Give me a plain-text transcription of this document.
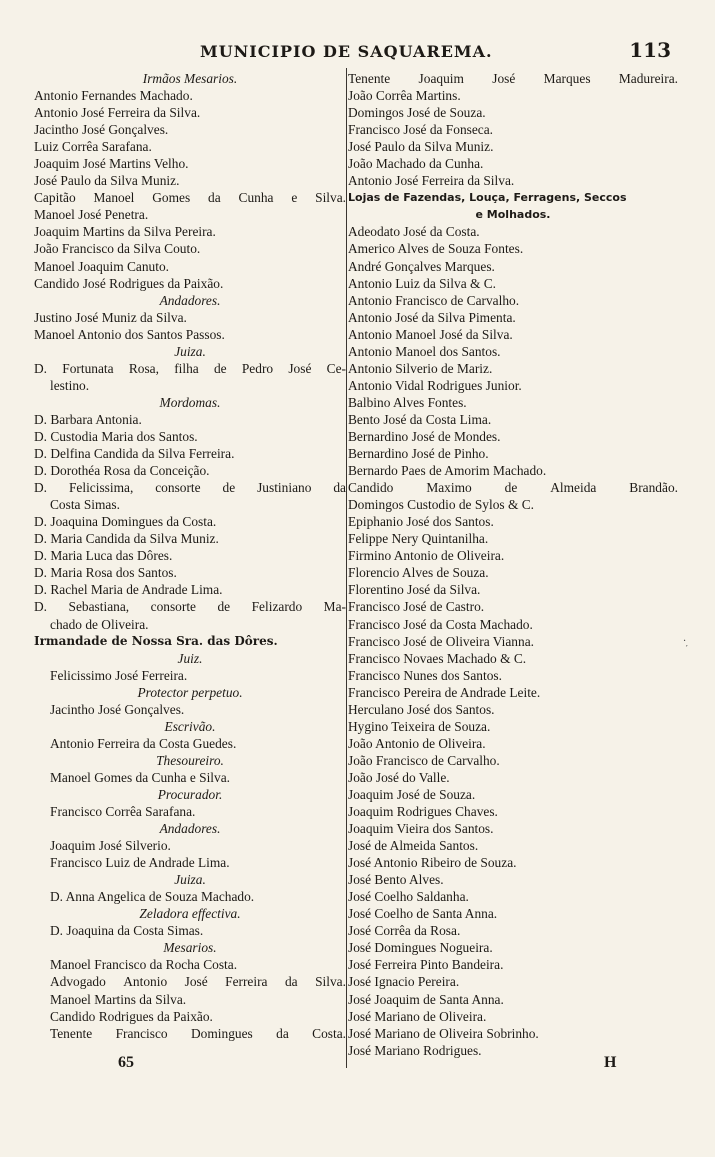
MUNICIPIO DE SAQUAREMA.	113
Irmãos Mesarios.
Antonio Fernandes Machado.
Antonio José Ferreira da Silva.
Jacintho José Gonçalves.
Luiz Corrêa Sarafana.
Joaquim José Martins Velho.
José Paulo da Silva Muniz.
Capitão Manoel Gomes da Cunha e Silva.
Manoel José Penetra.
Joaquim Martins da Silva Pereira.
João Francisco da Silva Couto.
Manoel Joaquim Canuto.
Candido José Rodrigues da Paixão.
Andadores.
Justino José Muniz da Silva.
Manoel Antonio dos Santos Passos.
Juiza.
D. Fortunata Rosa, filha de Pedro José Ce-
lestino.
Mordomas.
D. Barbara Antonia.
D. Custodia Maria dos Santos.
D. Delfina Candida da Silva Ferreira.
D. Dorothéa Rosa da Conceição.
D. Felicissima, consorte de Justiniano da
Costa Simas.
D. Joaquina Domingues da Costa.
D. Maria Candida da Silva Muniz.
D. Maria Luca das Dôres.
D. Maria Rosa dos Santos.
D. Rachel Maria de Andrade Lima.
D. Sebastiana, consorte de Felizardo Ma-
chado de Oliveira.
Irmandade de Nossa Sra. das Dôres.
Juiz.
Felicissimo José Ferreira.
Protector perpetuo.
Jacintho José Gonçalves.
Escrivão.
Antonio Ferreira da Costa Guedes.
Thesoureiro.
Manoel Gomes da Cunha e Silva.
Procurador.
Francisco Corrêa Sarafana.
Andadores.
Joaquim José Silverio.
Francisco Luiz de Andrade Lima.
Juiza.
D. Anna Angelica de Souza Machado.
Zeladora effectiva.
D. Joaquina da Costa Simas.
Mesarios.
Manoel Francisco da Rocha Costa.
Advogado Antonio José Ferreira da Silva.
Manoel Martins da Silva.
Candido Rodrigues da Paixão.
Tenente Francisco Domingues da Costa.
Tenente Joaquim José Marques Madureira.
João Corrêa Martins.
Domingos José de Souza.
Francisco José da Fonseca.
José Paulo da Silva Muniz.
João Machado da Cunha.
Antonio José Ferreira da Silva.
Lojas de Fazendas, Louça, Ferragens, Seccos
e Molhados.
Adeodato José da Costa.
Americo Alves de Souza Fontes.
André Gonçalves Marques.
Antonio Luiz da Silva & C.
Antonio Francisco de Carvalho.
Antonio José da Silva Pimenta.
Antonio Manoel José da Silva.
Antonio Manoel dos Santos.
Antonio Silverio de Mariz.
Antonio Vidal Rodrigues Junior.
Balbino Alves Fontes.
Bento José da Costa Lima.
Bernardino José de Mondes.
Bernardino José de Pinho.
Bernardo Paes de Amorim Machado.
Candido Maximo de Almeida Brandão.
Domingos Custodio de Sylos & C.
Epiphanio José dos Santos.
Felippe Nery Quintanilha.
Firmino Antonio de Oliveira.
Florencio Alves de Souza.
Florentino José da Silva.
Francisco José de Castro.
Francisco José da Costa Machado.
Francisco José de Oliveira Vianna.
Francisco Novaes Machado & C.
Francisco Nunes dos Santos.
Francisco Pereira de Andrade Leite.
Herculano José dos Santos.
Hygino Teixeira de Souza.
João Antonio de Oliveira.
João Francisco de Carvalho.
João José do Valle.
Joaquim José de Souza.
Joaquim Rodrigues Chaves.
Joaquim Vieira dos Santos.
José de Almeida Santos.
José Antonio Ribeiro de Souza.
José Bento Alves.
José Coelho Saldanha.
José Coelho de Santa Anna.
José Corrêa da Rosa.
José Domingues Nogueira.
José Ferreira Pinto Bandeira.
José Ignacio Pereira.
José Joaquim de Santa Anna.
José Mariano de Oliveira.
José Mariano de Oliveira Sobrinho.
José Mariano Rodrigues.
· ̦
65	H
